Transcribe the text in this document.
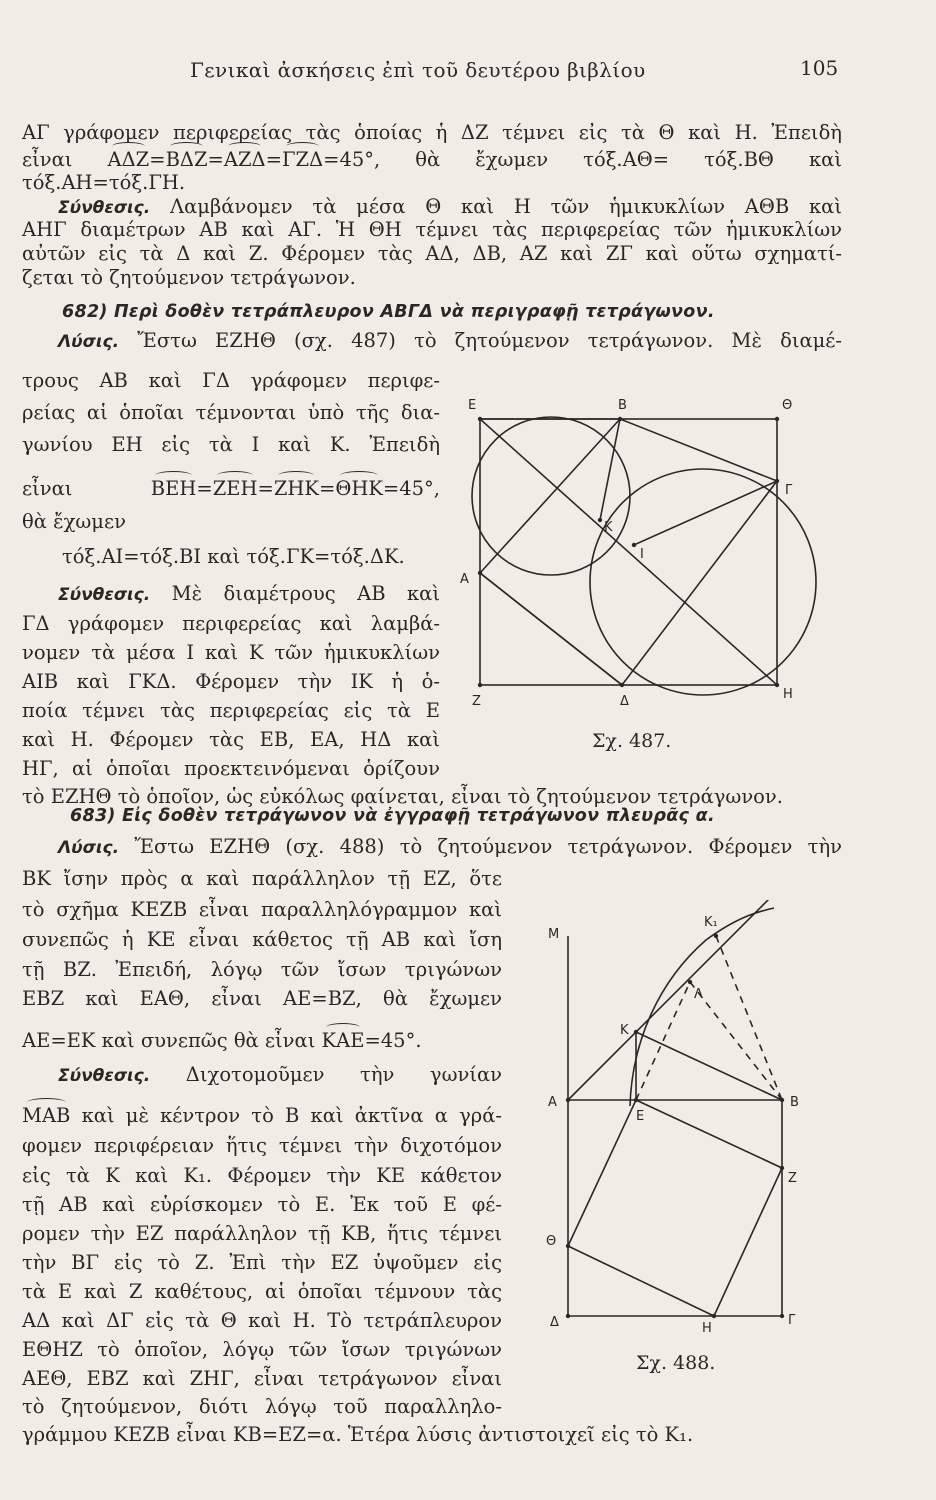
Γενικαὶ ἀσκήσεις ἐπὶ τοῦ δευτέρου βιβλίου	105
ΑΓ γράφομεν περιφερείας τὰς ὁποίας ἡ ΔΖ τέμνει εἰς τὰ Θ καὶ Η. Ἐπειδὴ
εἶναι ΑΔΖ=ΒΔΖ=ΑΖΔ=ΓΖΔ=45°, θὰ ἔχωμεν τόξ.ΑΘ= τόξ.ΒΘ καὶ
τόξ.ΑΗ=τόξ.ΓΗ.
Σύνθεσις. Λαμβάνομεν τὰ μέσα Θ καὶ Η τῶν ἡμικυκλίων ΑΘΒ καὶ
ΑΗΓ διαμέτρων ΑΒ καὶ ΑΓ. Ἡ ΘΗ τέμνει τὰς περιφερείας τῶν ἡμικυκλίων
αὐτῶν εἰς τὰ Δ καὶ Ζ. Φέρομεν τὰς ΑΔ, ΔΒ, ΑΖ καὶ ΖΓ καὶ οὕτω σχηματί-
ζεται τὸ ζητούμενον τετράγωνον.
682) Περὶ δοθὲν τετράπλευρον ΑΒΓΔ νὰ περιγραφῇ τετράγωνον.
Λύσις. Ἔστω ΕΖΗΘ (σχ. 487) τὸ ζητούμενον τετράγωνον. Μὲ διαμέ-
τρους ΑΒ καὶ ΓΔ γράφομεν περιφε-
ρείας αἱ ὁποῖαι τέμνονται ὑπὸ τῆς δια-
γωνίου ΕΗ εἰς τὰ Ι καὶ Κ. Ἐπειδὴ
εἶναι ΒΕΗ=ΖΕΗ=ΖΗΚ=ΘΗΚ=45°,
θὰ ἔχωμεν
τόξ.ΑΙ=τόξ.ΒΙ καὶ τόξ.ΓΚ=τόξ.ΔΚ.
Σύνθεσις. Μὲ διαμέτρους ΑΒ καὶ
ΓΔ γράφομεν περιφερείας καὶ λαμβά-
νομεν τὰ μέσα Ι καὶ Κ τῶν ἡμικυκλίων
ΑΙΒ καὶ ΓΚΔ. Φέρομεν τὴν ΙΚ ἡ ὁ-
ποία τέμνει τὰς περιφερείας εἰς τὰ Ε
καὶ Η. Φέρομεν τὰς ΕΒ, ΕΑ, ΗΔ καὶ
ΗΓ, αἱ ὁποῖαι προεκτεινόμεναι ὁρίζουν
τὸ ΕΖΗΘ τὸ ὁποῖον, ὡς εὐκόλως φαίνεται, εἶναι τὸ ζητούμενον τετράγωνον.
Ε	Β	Θ
Γ
Κ
Ι
Α
Ζ	Δ	Η
Σχ. 487.
683) Εἰς δοθὲν τετράγωνον νὰ ἐγγραφῇ τετράγωνον πλευρᾶς α.
Λύσις. Ἔστω ΕΖΗΘ (σχ. 488) τὸ ζητούμενον τετράγωνον. Φέρομεν τὴν
ΒΚ ἴσην πρὸς α καὶ παράλληλον τῇ ΕΖ, ὅτε
τὸ σχῆμα ΚΕΖΒ εἶναι παραλληλόγραμμον καὶ
συνεπῶς ἡ ΚΕ εἶναι κάθετος τῇ ΑΒ καὶ ἴση
τῇ ΒΖ. Ἐπειδή, λόγῳ τῶν ἴσων τριγώνων
ΕΒΖ καὶ ΕΑΘ, εἶναι ΑΕ=ΒΖ, θὰ ἔχωμεν
ΑΕ=ΕΚ καὶ συνεπῶς θὰ εἶναι ΚΑΕ=45°.
Σύνθεσις. Διχοτομοῦμεν τὴν γωνίαν
ΜΑΒ καὶ μὲ κέντρον τὸ Β καὶ ἀκτῖνα α γρά-
φομεν περιφέρειαν ἥτις τέμνει τὴν διχοτόμον
εἰς τὰ Κ καὶ Κ₁. Φέρομεν τὴν ΚΕ κάθετον
τῇ ΑΒ καὶ εὑρίσκομεν τὸ Ε. Ἐκ τοῦ Ε φέ-
ρομεν τὴν ΕΖ παράλληλον τῇ ΚΒ, ἥτις τέμνει
τὴν ΒΓ εἰς τὸ Ζ. Ἐπὶ τὴν ΕΖ ὑψοῦμεν εἰς
τὰ Ε καὶ Ζ καθέτους, αἱ ὁποῖαι τέμνουν τὰς
ΑΔ καὶ ΔΓ εἰς τὰ Θ καὶ Η. Τὸ τετράπλευρον
ΕΘΗΖ τὸ ὁποῖον, λόγῳ τῶν ἴσων τριγώνων
ΑΕΘ, ΕΒΖ καὶ ΖΗΓ, εἶναι τετράγωνον εἶναι
τὸ ζητούμενον, διότι λόγῳ τοῦ παραλληλο-
γράμμου ΚΕΖΒ εἶναι ΚΒ=ΕΖ=α. Ἑτέρα λύσις ἀντιστοιχεῖ εἰς τὸ Κ₁.
Μ
Κ₁
Λ
Κ
Α
Ε
Β
Ζ
Θ
Δ	Η
Γ
Σχ. 488.
